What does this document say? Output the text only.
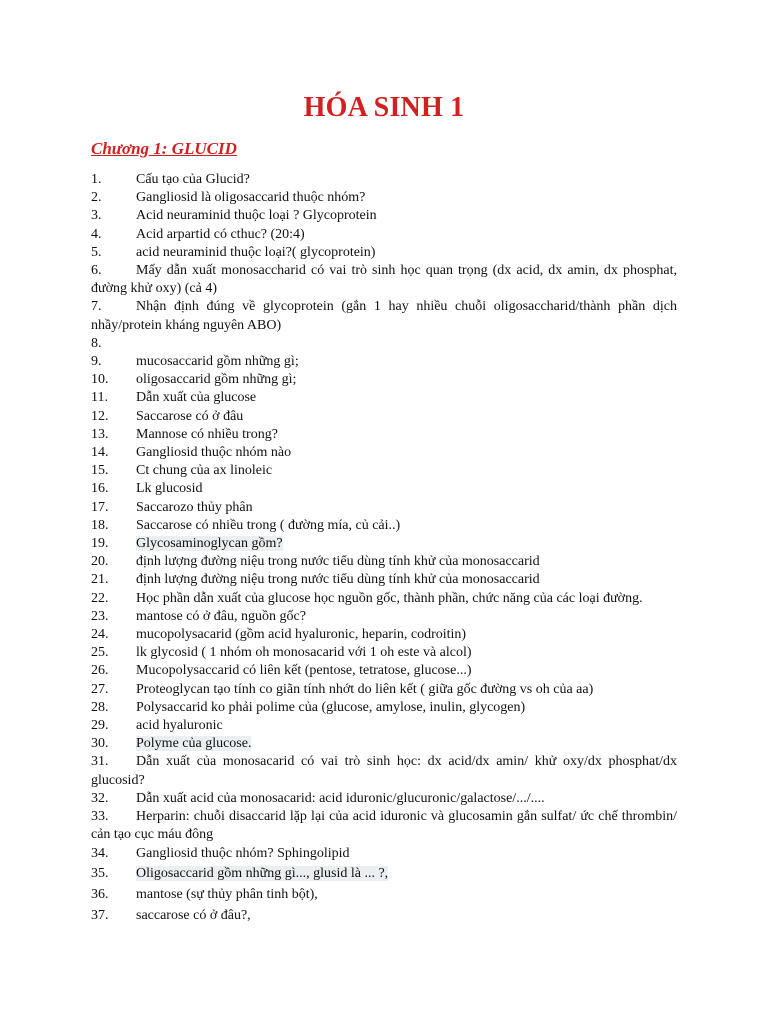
HÓA SINH 1
Chương 1: GLUCID
1.	Cấu tạo của Glucid?
2.	Gangliosid là oligosaccarid thuộc nhóm?
3.	Acid neuraminid thuộc loại ? Glycoprotein
4.	Acid arpartid có cthuc? (20:4)
5.	acid neuraminid thuộc loại?( glycoprotein)
6.	Mấy dẫn xuất monosaccharid có vai trò sinh học quan trọng (dx acid, dx amin, dx phosphat, đường khử oxy) (cả 4)
7.	Nhận định đúng về glycoprotein (gắn 1 hay nhiều chuỗi oligosaccharid/thành phần dịch nhầy/protein kháng nguyên ABO)
8.
9.	mucosaccarid gồm những gì;
10.	oligosaccarid gồm những gì;
11.	Dẫn xuất của glucose
12.	Saccarose có ở đâu
13.	Mannose có nhiều trong?
14.	Gangliosid thuộc nhóm nào
15.	Ct chung của ax linoleic
16.	Lk glucosid
17.	Saccarozo thủy phân
18.	Saccarose có nhiều trong ( đường mía, củ cải..)
19.	Glycosaminoglycan gồm?
20.	định lượng đường niệu trong nước tiểu dùng tính khử của monosaccarid
21.	định lượng đường niệu trong nước tiểu dùng tính khử của monosaccarid
22.	Học phần dẫn xuất của glucose học nguồn gốc, thành phần, chức năng của các loại đường.
23.	mantose có ở đâu, nguồn gốc?
24.	mucopolysacarid (gồm acid hyaluronic, heparin, codroitin)
25.	lk glycosid ( 1 nhóm oh monosacarid với 1 oh este và alcol)
26.	Mucopolysaccarid có liên kết (pentose, tetratose, glucose...)
27.	Proteoglycan tạo tính co giãn tính nhớt do liên kết ( giữa gốc đường vs oh của aa)
28.	Polysaccarid ko phải polime của (glucose, amylose, inulin, glycogen)
29.	acid hyaluronic
30.	Polyme của glucose.
31.	Dẫn xuất của monosacarid có vai trò sinh học: dx acid/dx amin/ khử oxy/dx phosphat/dx glucosid?
32.	Dẫn xuất acid của monosacarid: acid iduronic/glucuronic/galactose/.../....
33.	Herparin: chuỗi disaccarid lặp lại của acid iduronic và glucosamin gắn sulfat/ ức chế thrombin/ cản tạo cục máu đông
34.	Gangliosid thuộc nhóm? Sphingolipid
35.	Oligosaccarid gồm những gì..., glusid là ... ?,
36.	mantose (sự thủy phân tinh bột),
37.	saccarose có ở đâu?,
